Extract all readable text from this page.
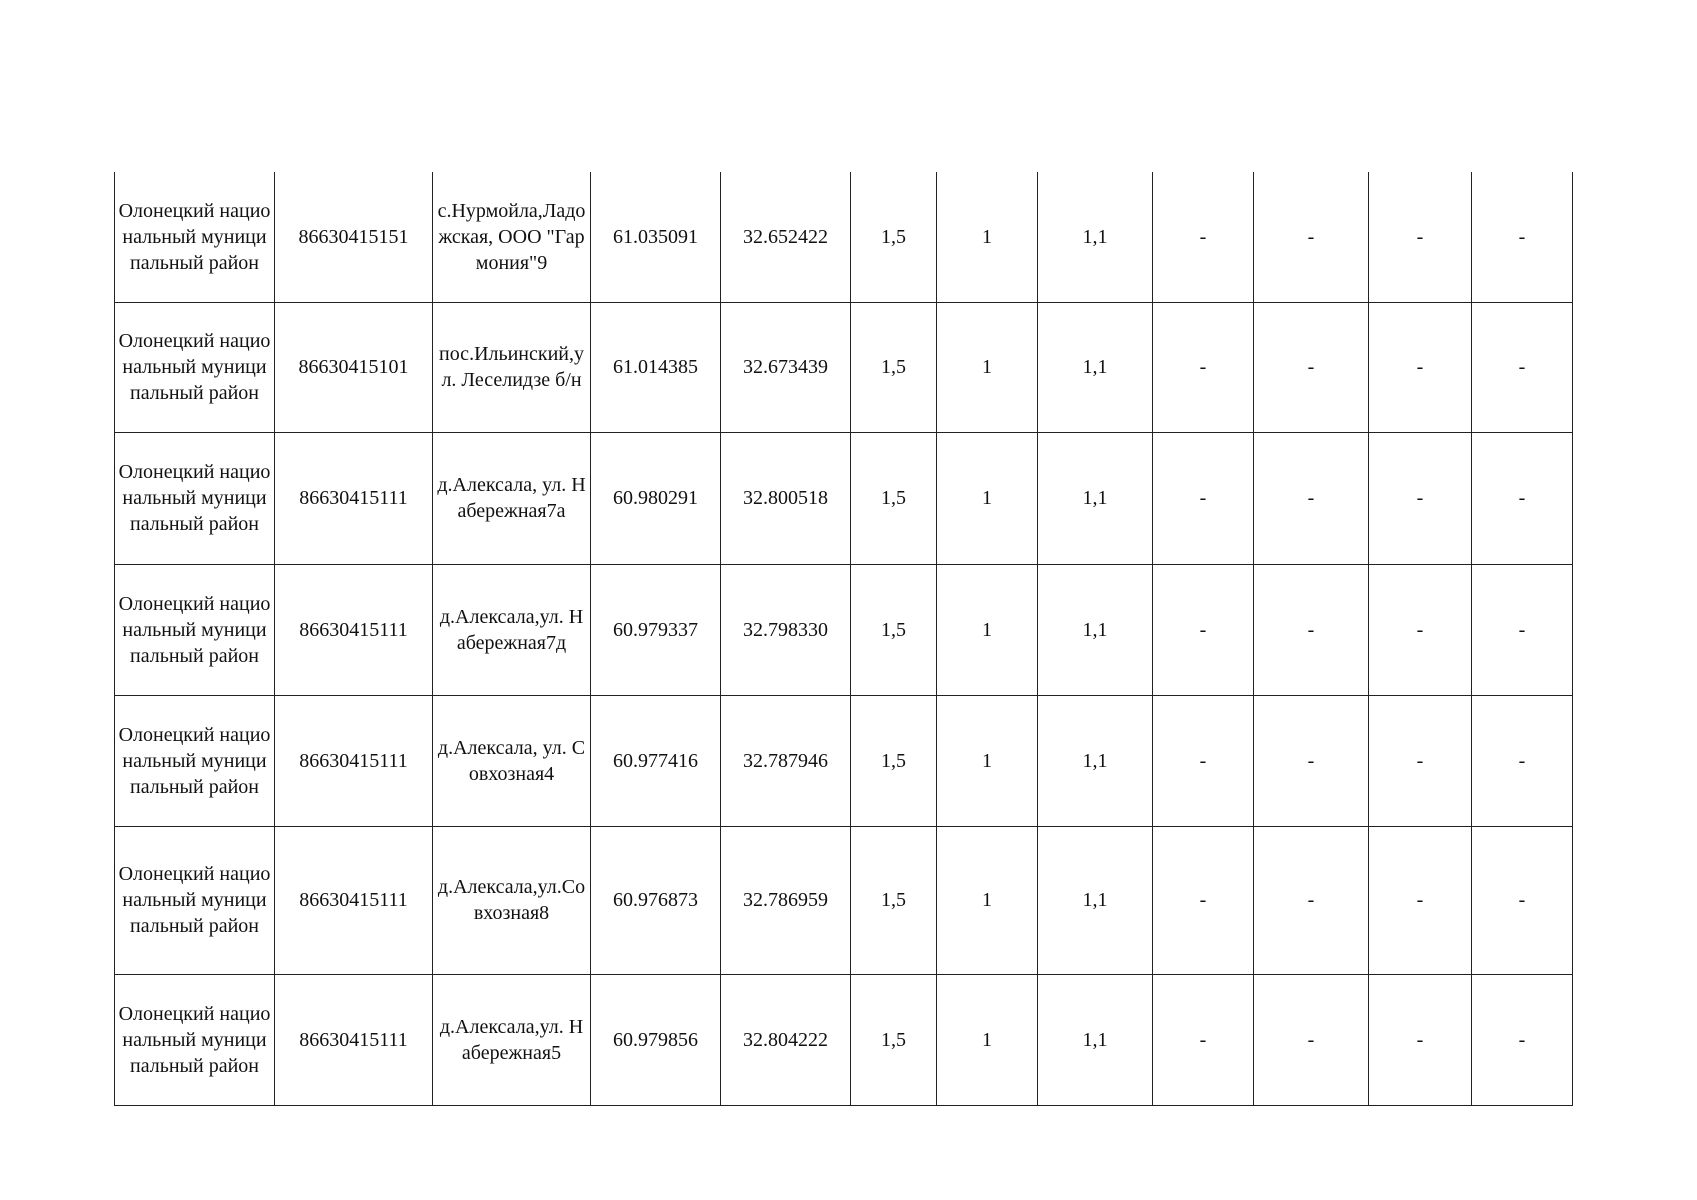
Олонецкий национальный муниципальный район	86630415151	с.Нурмойла,Ладожская, ООО "Гармония"9	61.035091	32.652422	1,5	1	1,1	-	-	-	-

Олонецкий национальный муниципальный район	86630415101	пос.Ильинский,ул. Леселидзе б/н	61.014385	32.673439	1,5	1	1,1	-	-	-	-

Олонецкий национальный муниципальный район	86630415111	д.Алексала, ул. Набережная7а	60.980291	32.800518	1,5	1	1,1	-	-	-	-

Олонецкий национальный муниципальный район	86630415111	д.Алексала,ул. Набережная7д	60.979337	32.798330	1,5	1	1,1	-	-	-	-

Олонецкий национальный муниципальный район	86630415111	д.Алексала, ул. Совхозная4	60.977416	32.787946	1,5	1	1,1	-	-	-	-

Олонецкий национальный муниципальный район	86630415111	д.Алексала,ул.Совхозная8	60.976873	32.786959	1,5	1	1,1	-	-	-	-

Олонецкий национальный муниципальный район	86630415111	д.Алексала,ул. Набережная5	60.979856	32.804222	1,5	1	1,1	-	-	-	-
